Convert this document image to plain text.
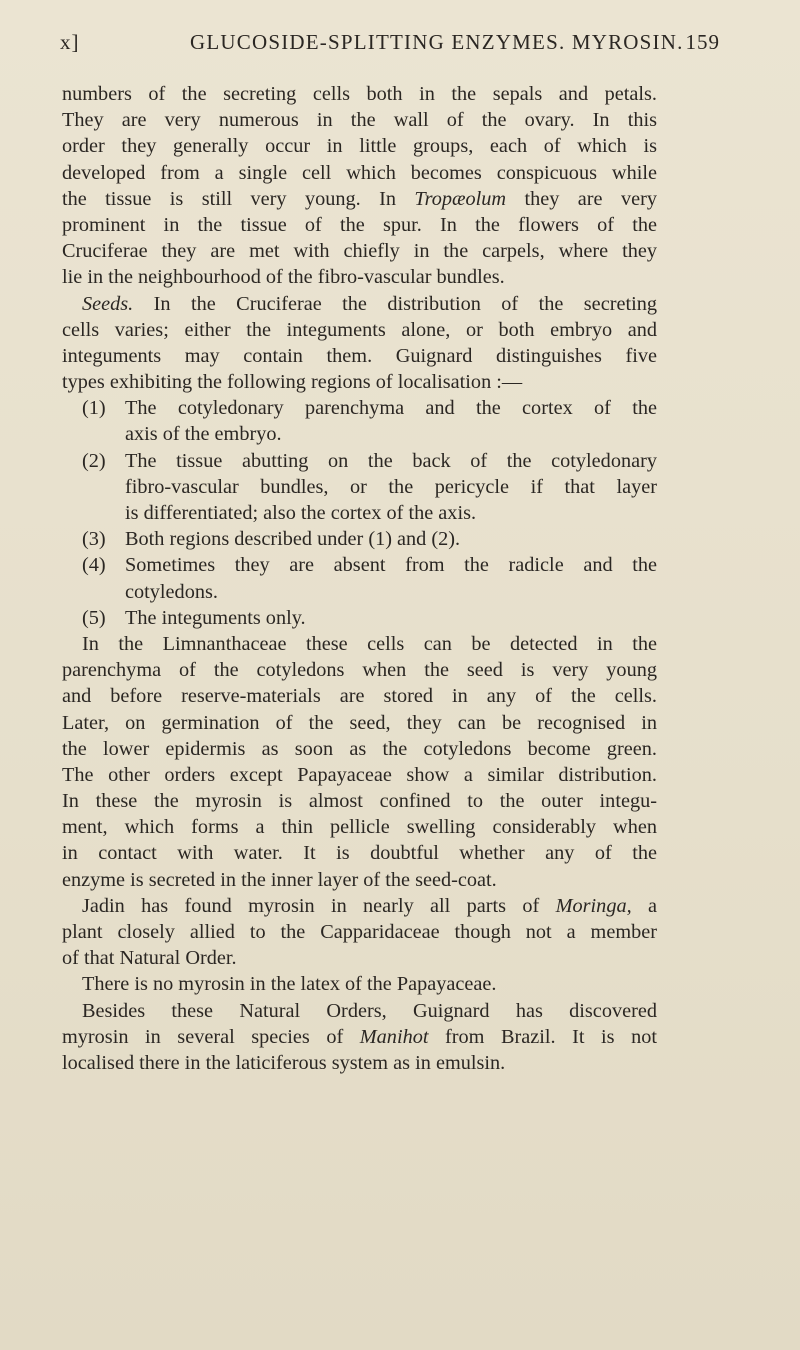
x]	GLUCOSIDE-SPLITTING ENZYMES. MYROSIN. 159
numbers of the secreting cells both in the sepals and petals.
They are very numerous in the wall of the ovary. In this
order they generally occur in little groups, each of which is
developed from a single cell which becomes conspicuous while
the tissue is still very young. In Tropæolum they are very
prominent in the tissue of the spur. In the flowers of the
Cruciferae they are met with chiefly in the carpels, where they
lie in the neighbourhood of the fibro-vascular bundles.
Seeds. In the Cruciferae the distribution of the secreting
cells varies; either the integuments alone, or both embryo and
integuments may contain them. Guignard distinguishes five
types exhibiting the following regions of localisation :—
(1) The cotyledonary parenchyma and the cortex of the
axis of the embryo.
(2) The tissue abutting on the back of the cotyledonary
fibro-vascular bundles, or the pericycle if that layer
is differentiated; also the cortex of the axis.
(3) Both regions described under (1) and (2).
(4) Sometimes they are absent from the radicle and the
cotyledons.
(5) The integuments only.
In the Limnanthaceae these cells can be detected in the
parenchyma of the cotyledons when the seed is very young
and before reserve-materials are stored in any of the cells.
Later, on germination of the seed, they can be recognised in
the lower epidermis as soon as the cotyledons become green.
The other orders except Papayaceae show a similar distribution.
In these the myrosin is almost confined to the outer integu-
ment, which forms a thin pellicle swelling considerably when
in contact with water. It is doubtful whether any of the
enzyme is secreted in the inner layer of the seed-coat.
Jadin has found myrosin in nearly all parts of Moringa, a
plant closely allied to the Capparidaceae though not a member
of that Natural Order.
There is no myrosin in the latex of the Papayaceae.
Besides these Natural Orders, Guignard has discovered
myrosin in several species of Manihot from Brazil. It is not
localised there in the laticiferous system as in emulsin.
